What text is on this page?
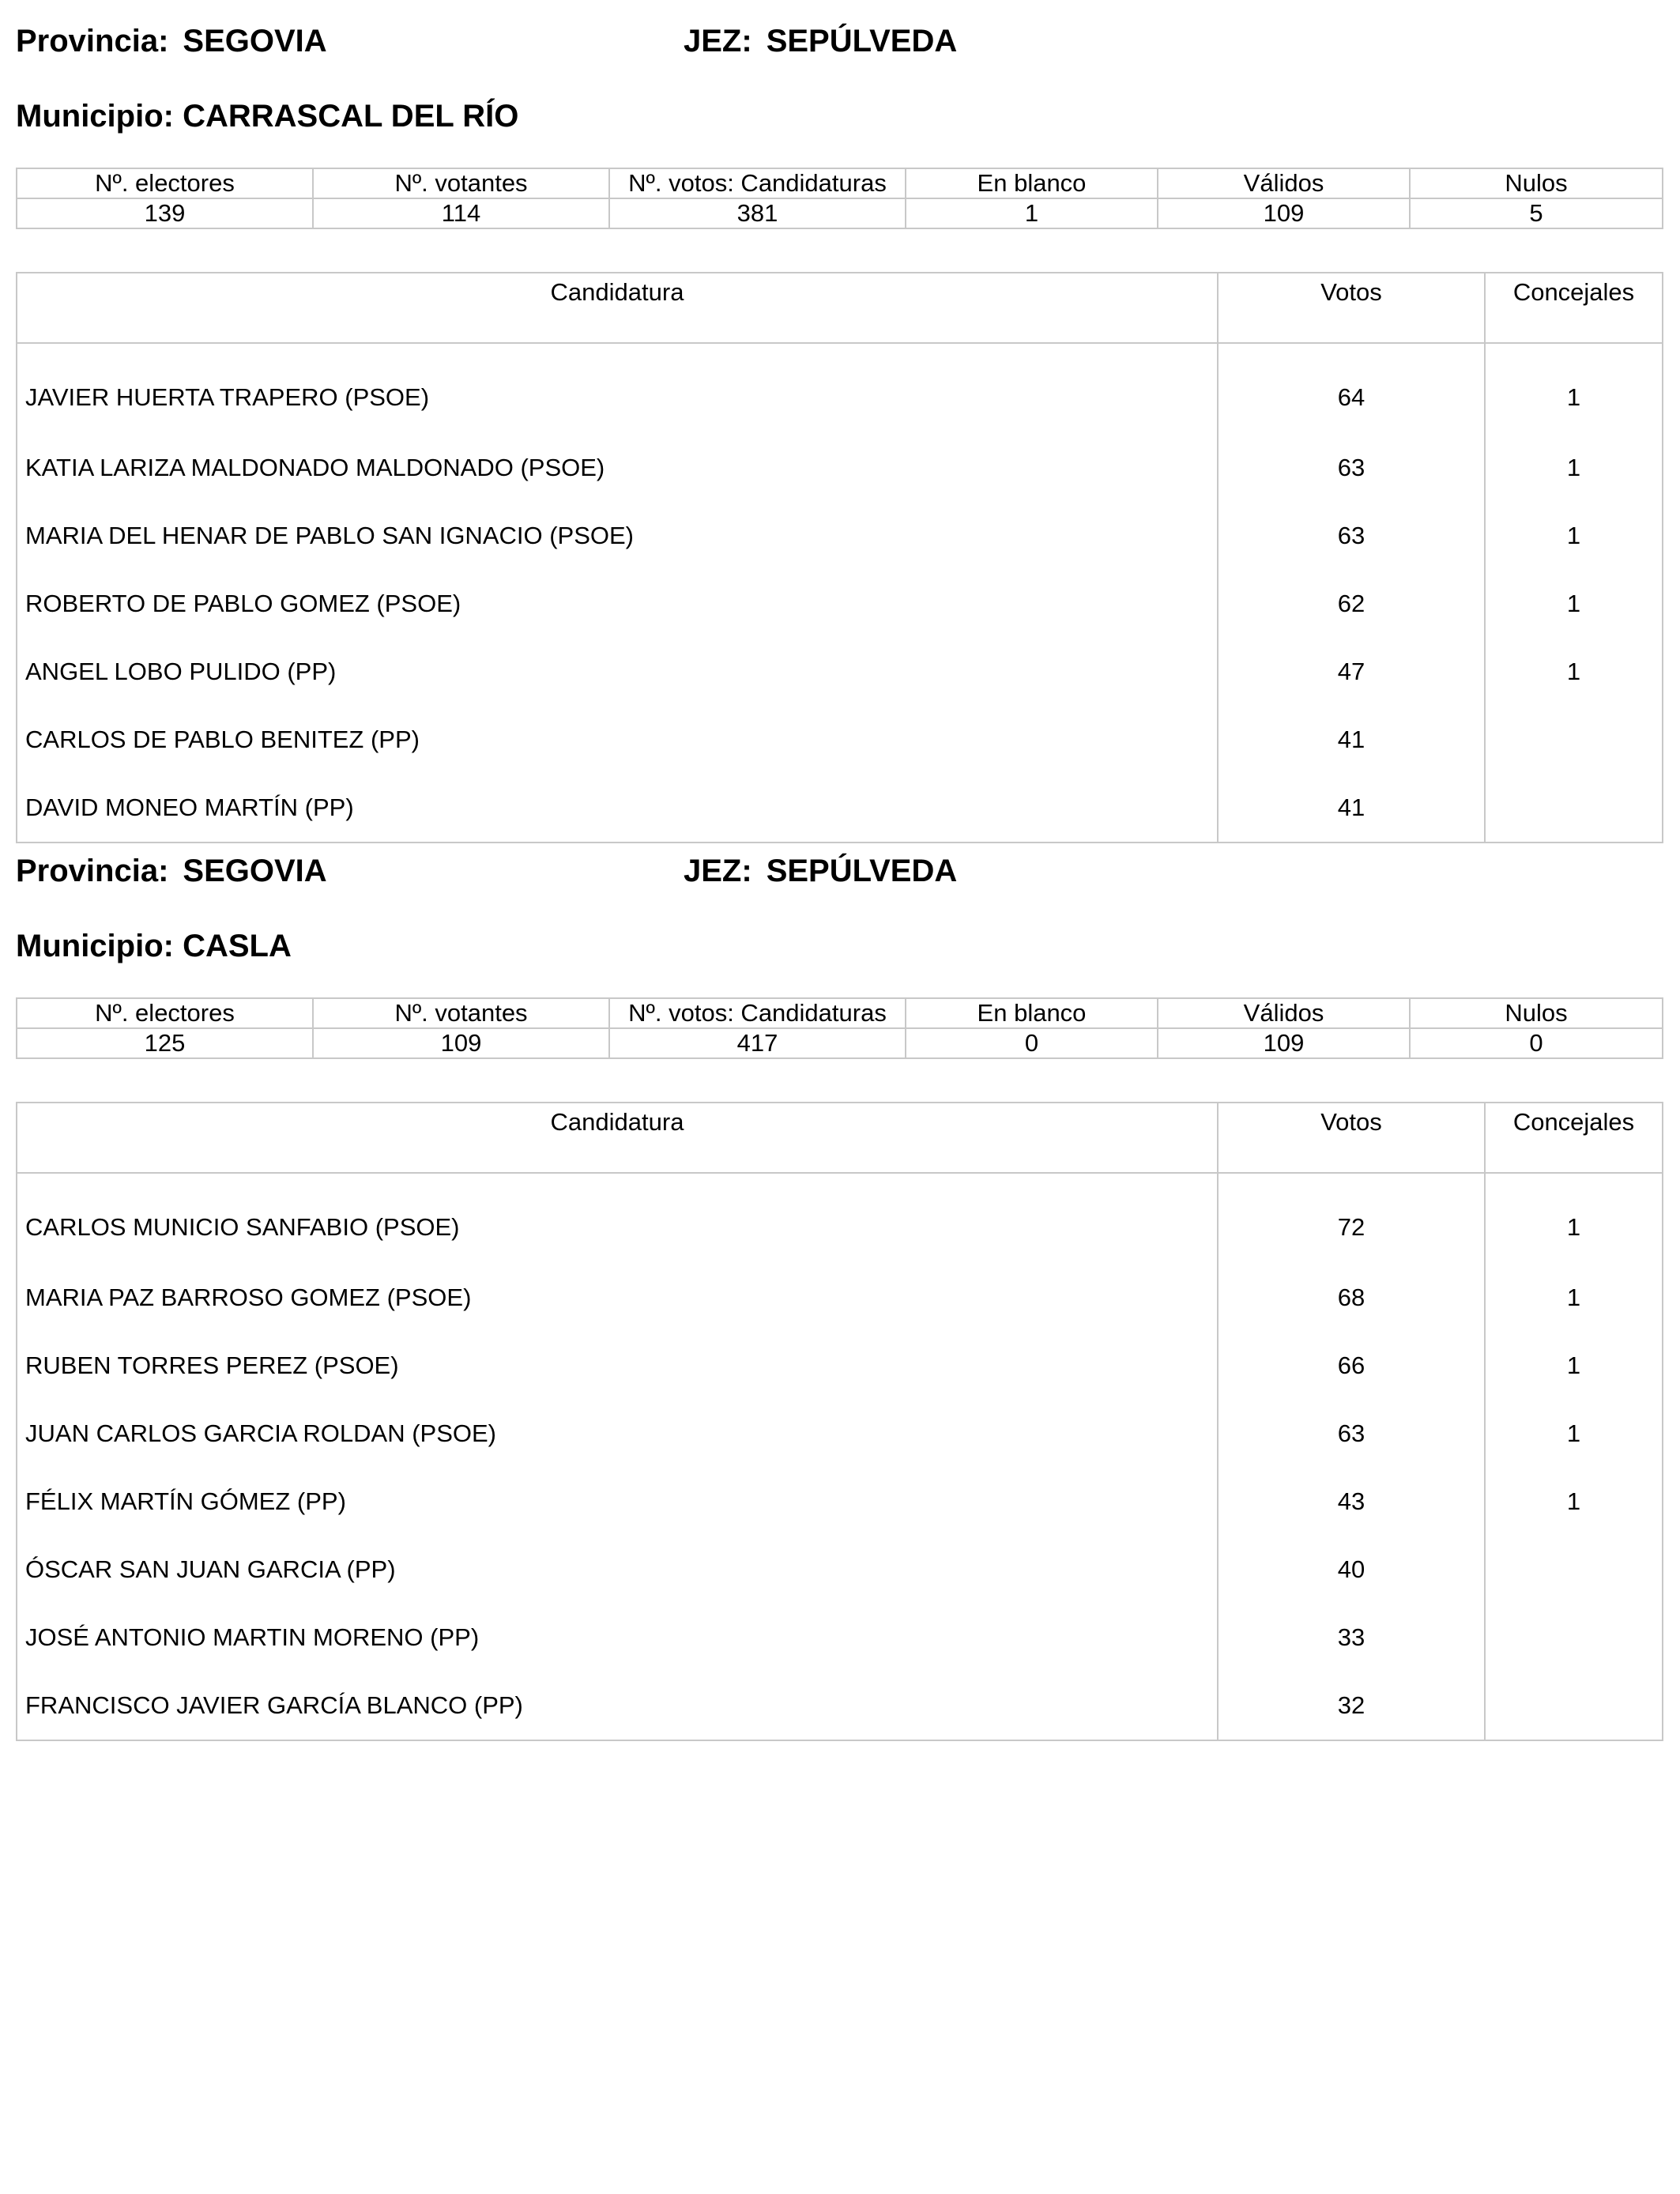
Provincia: SEGOVIA	JEZ: SEPÚLVEDA
Municipio: CARRASCAL DEL RÍO
Nº. electores	Nº. votantes	Nº. votos: Candidaturas	En blanco	Válidos	Nulos
139	114	381	1	109	5
Candidatura	Votos	Concejales
JAVIER HUERTA TRAPERO (PSOE)	64	1
KATIA LARIZA MALDONADO MALDONADO (PSOE)	63	1
MARIA DEL HENAR DE PABLO SAN IGNACIO (PSOE)	63	1
ROBERTO DE PABLO GOMEZ (PSOE)	62	1
ANGEL LOBO PULIDO (PP)	47	1
CARLOS DE PABLO BENITEZ (PP)	41	
DAVID MONEO MARTÍN (PP)	41	
Provincia: SEGOVIA	JEZ: SEPÚLVEDA
Municipio: CASLA
Nº. electores	Nº. votantes	Nº. votos: Candidaturas	En blanco	Válidos	Nulos
125	109	417	0	109	0
Candidatura	Votos	Concejales
CARLOS MUNICIO SANFABIO (PSOE)	72	1
MARIA PAZ BARROSO GOMEZ (PSOE)	68	1
RUBEN TORRES PEREZ (PSOE)	66	1
JUAN CARLOS GARCIA ROLDAN (PSOE)	63	1
FÉLIX MARTÍN GÓMEZ (PP)	43	1
ÓSCAR SAN JUAN GARCIA (PP)	40	
JOSÉ ANTONIO MARTIN MORENO (PP)	33	
FRANCISCO JAVIER GARCÍA BLANCO (PP)	32	
